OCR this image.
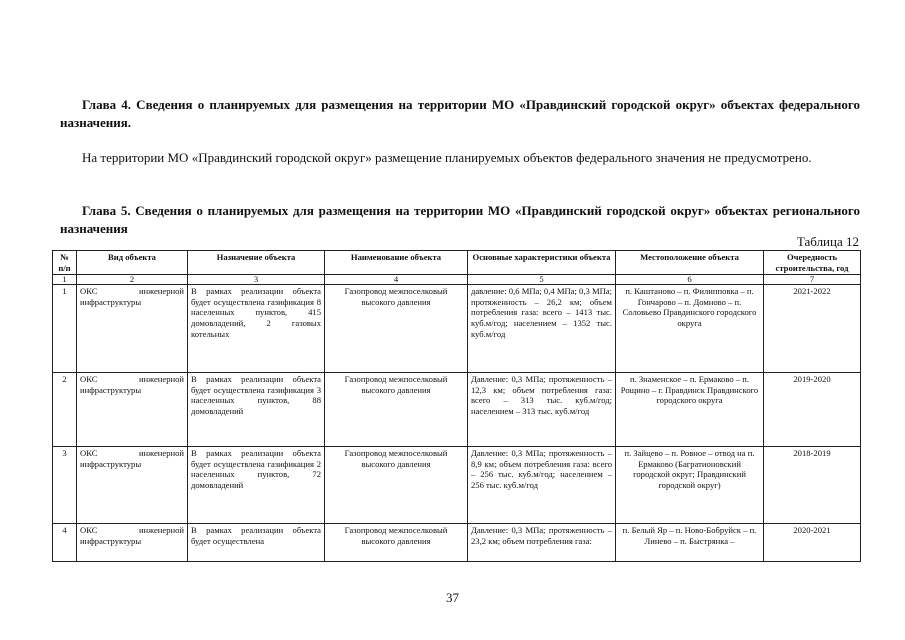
Глава 4. Сведения о планируемых для размещения на территории МО «Правдинский городской округ» объектах федерального назначения.

На территории МО «Правдинский городской округ» размещение планируемых объектов федерального значения не предусмотрено.

Глава 5. Сведения о планируемых для размещения на территории МО «Правдинский городской округ» объектах регионального назначения

Таблица 12
№ п/п	Вид объекта	Назначение объекта	Наименование объекта	Основные характеристики объекта	Местоположение объекта	Очередность строительства, год
1	2	3	4	5	6	7
1	ОКС инженерной инфраструктуры	В рамках реализации объекта будет осуществлена газификация 8 населенных пунктов, 415 домовладений, 2 газовых котельных	Газопровод межпоселковый высокого давления	давление: 0,6 МПа; 0,4 МПа; 0,3 МПа; протяженность – 26,2 км; объем потребления газа: всего – 1413 тыс. куб.м/год; населением – 1352 тыс. куб.м/год	п. Каштаново – п. Филипповка – п. Гончарово – п. Домново – п. Соловьево Правдинского городского округа	2021-2022
2	ОКС инженерной инфраструктуры	В рамках реализации объекта будет осуществлена газификация 3 населенных пунктов, 88 домовладений	Газопровод межпоселковый высокого давления	Давление: 0,3 МПа; протяженность – 12,3 км; объем потребления газа: всего – 313 тыс. куб.м/год; населением – 313 тыс. куб.м/год	п. Знаменское – п. Ермаково – п. Рощино – г. Правдинск Правдинского городского округа	2019-2020
3	ОКС инженерной инфраструктуры	В рамках реализации объекта будет осуществлена газификация 2 населенных пунктов, 72 домовладений	Газопровод межпоселковый высокого давления	Давление: 0,3 МПа; протяженность – 8,9 км; объем потребления газа: всего – 256 тыс. куб.м/год; населением – 256 тыс. куб.м/год	п. Зайцево – п. Ровное – отвод на п. Ермаково (Багратионовский городской округ; Правдинский городской округ)	2018-2019
4	ОКС инженерной инфраструктуры	В рамках реализации объекта будет осуществлена	Газопровод межпоселковый высокого давления	Давление: 0,3 МПа; протяженность – 23,2 км; объем потребления газа:	п. Белый Яр – п. Ново-Бобруйск – п. Линево – п. Быстрянка –	2020-2021
37
